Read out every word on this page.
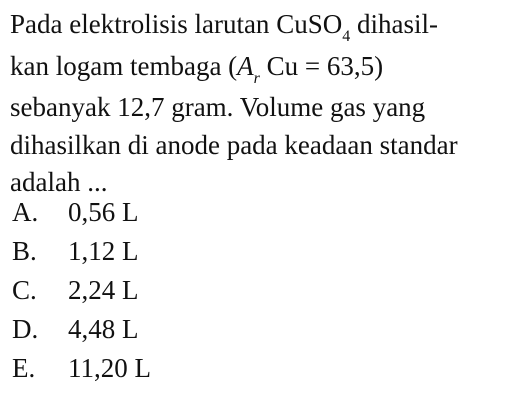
Pada elektrolisis larutan CuSO$_4$ dihasil-
kan logam tembaga ($A_r$ Cu = 63,5)
sebanyak 12,7 gram. Volume gas yang
dihasilkan di anode pada keadaan standar
adalah ...
A. 0,56 L
B. 1,12 L
C. 2,24 L
D. 4,48 L
E. 11,20 L
